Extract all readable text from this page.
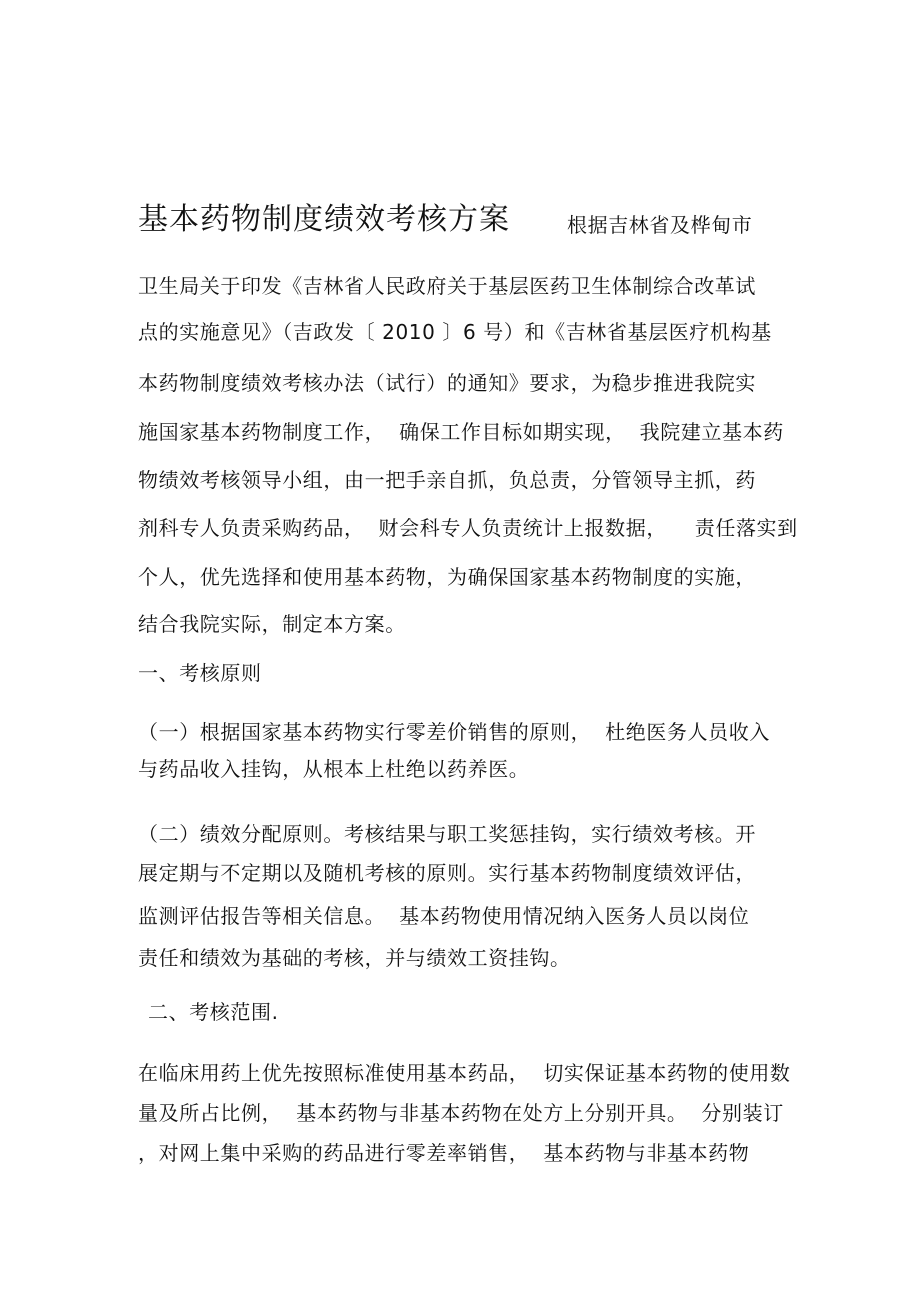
基本药物制度绩效考核方案	根据吉林省及桦甸市
卫生局关于印发《吉林省人民政府关于基层医药卫生体制综合改革试
点的实施意见》（吉政发〔 2010 〕6 号）和《吉林省基层医疗机构基
本药物制度绩效考核办法（试行）的通知》要求，为稳步推进我院实
施国家基本药物制度工作，  确保工作目标如期实现，  我院建立基本药
物绩效考核领导小组，由一把手亲自抓，负总责，分管领导主抓，药
剂科专人负责采购药品，  财会科专人负责统计上报数据，    责任落实到
个人，优先选择和使用基本药物，为确保国家基本药物制度的实施，
结合我院实际，制定本方案。
一、考核原则
（一）根据国家基本药物实行零差价销售的原则，  杜绝医务人员收入
与药品收入挂钩，从根本上杜绝以药养医。
（二）绩效分配原则。考核结果与职工奖惩挂钩，实行绩效考核。开
展定期与不定期以及随机考核的原则。实行基本药物制度绩效评估，
监测评估报告等相关信息。  基本药物使用情况纳入医务人员以岗位
责任和绩效为基础的考核，并与绩效工资挂钩。
二、考核范围.
在临床用药上优先按照标准使用基本药品，  切实保证基本药物的使用数
量及所占比例，  基本药物与非基本药物在处方上分别开具。  分别装订
，对网上集中采购的药品进行零差率销售，  基本药物与非基本药物
